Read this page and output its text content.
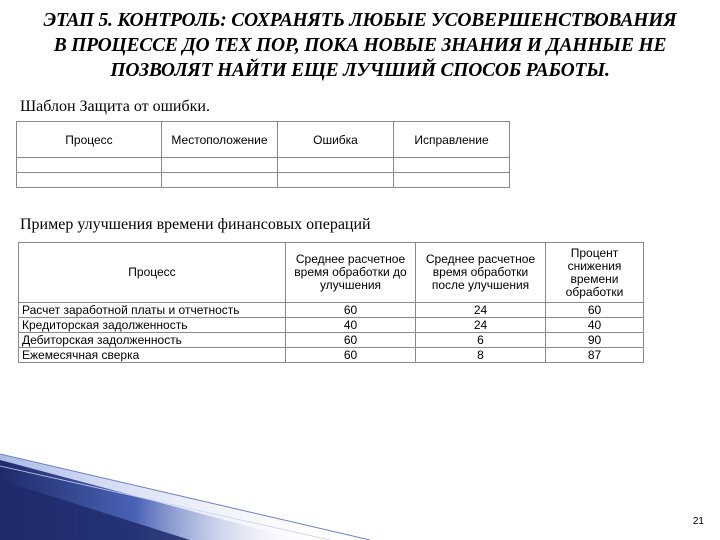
ЭТАП 5. КОНТРОЛЬ: СОХРАНЯТЬ ЛЮБЫЕ УСОВЕРШЕНСТВОВАНИЯ
В ПРОЦЕССЕ ДО ТЕХ ПОР, ПОКА НОВЫЕ ЗНАНИЯ И ДАННЫЕ НЕ
ПОЗВОЛЯТ НАЙТИ ЕЩЕ ЛУЧШИЙ СПОСОБ РАБОТЫ.
Шаблон Защита от ошибки.
Процесс	Местоположение	Ошибка	Исправление

Пример улучшения времени финансовых операций
Процесс	Среднее расчетное время обработки до улучшения	Среднее расчетное время обработки после улучшения	Процент снижения времени обработки
Расчет заработной платы и отчетность	60	24	60
Кредиторская задолженность	40	24	40
Дебиторская задолженность	60	6	90
Ежемесячная сверка	60	8	87
21
